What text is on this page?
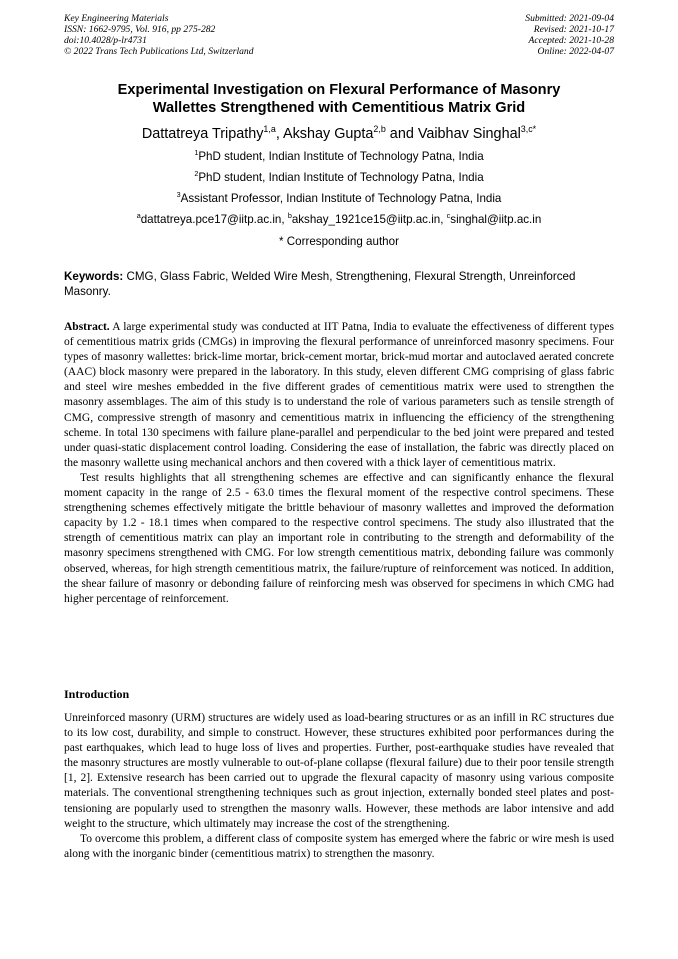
Key Engineering Materials
ISSN: 1662-9795, Vol. 916, pp 275-282
doi:10.4028/p-lr4731
© 2022 Trans Tech Publications Ltd, Switzerland
Submitted: 2021-09-04
Revised: 2021-10-17
Accepted: 2021-10-28
Online: 2022-04-07
Experimental Investigation on Flexural Performance of Masonry
Wallettes Strengthened with Cementitious Matrix Grid
Dattatreya Tripathy$^{1,a}$, Akshay Gupta$^{2,b}$ and Vaibhav Singhal$^{3,c*}$
$^1$PhD student, Indian Institute of Technology Patna, India
$^2$PhD student, Indian Institute of Technology Patna, India
$^3$Assistant Professor, Indian Institute of Technology Patna, India
$^a$dattatreya.pce17@iitp.ac.in, $^b$akshay_1921ce15@iitp.ac.in, $^c$singhal@iitp.ac.in
* Corresponding author
Keywords: CMG, Glass Fabric, Welded Wire Mesh, Strengthening, Flexural Strength, Unreinforced Masonry.

Abstract. A large experimental study was conducted at IIT Patna, India to evaluate the effectiveness of different types of cementitious matrix grids (CMGs) in improving the flexural performance of unreinforced masonry specimens. Four types of masonry wallettes: brick-lime mortar, brick-cement mortar, brick-mud mortar and autoclaved aerated concrete (AAC) block masonry were prepared in the laboratory. In this study, eleven different CMG comprising of glass fabric and steel wire meshes embedded in the five different grades of cementitious matrix were used to strengthen the masonry assemblages. The aim of this study is to understand the role of various parameters such as tensile strength of CMG, compressive strength of masonry and cementitious matrix in influencing the efficiency of the strengthening scheme. In total 130 specimens with failure plane-parallel and perpendicular to the bed joint were prepared and tested under quasi-static displacement control loading. Considering the ease of installation, the fabric was directly placed on the masonry wallette using mechanical anchors and then covered with a thick layer of cementitious matrix.

Test results highlights that all strengthening schemes are effective and can significantly enhance the flexural moment capacity in the range of 2.5 - 63.0 times the flexural moment of the respective control specimens. These strengthening schemes effectively mitigate the brittle behaviour of masonry wallettes and improved the deformation capacity by 1.2 - 18.1 times when compared to the respective control specimens. The study also illustrated that the strength of cementitious matrix can play an important role in contributing to the strength and deformability of the masonry specimens strengthened with CMG. For low strength cementitious matrix, debonding failure was commonly observed, whereas, for high strength cementitious matrix, the failure/rupture of reinforcement was noticed. In addition, the shear failure of masonry or debonding failure of reinforcing mesh was observed for specimens in which CMG had higher percentage of reinforcement.

Introduction

Unreinforced masonry (URM) structures are widely used as load-bearing structures or as an infill in RC structures due to its low cost, durability, and simple to construct. However, these structures exhibited poor performances during the past earthquakes, which lead to huge loss of lives and properties. Further, post-earthquake studies have revealed that the masonry structures are mostly vulnerable to out-of-plane collapse (flexural failure) due to their poor tensile strength [1, 2]. Extensive research has been carried out to upgrade the flexural capacity of masonry using various composite materials. The conventional strengthening techniques such as grout injection, externally bonded steel plates and post-tensioning are popularly used to strengthen the masonry walls. However, these methods are labor intensive and add weight to the structure, which ultimately may increase the cost of the strengthening.

To overcome this problem, a different class of composite system has emerged where the fabric or wire mesh is used along with the inorganic binder (cementitious matrix) to strengthen the masonry.
